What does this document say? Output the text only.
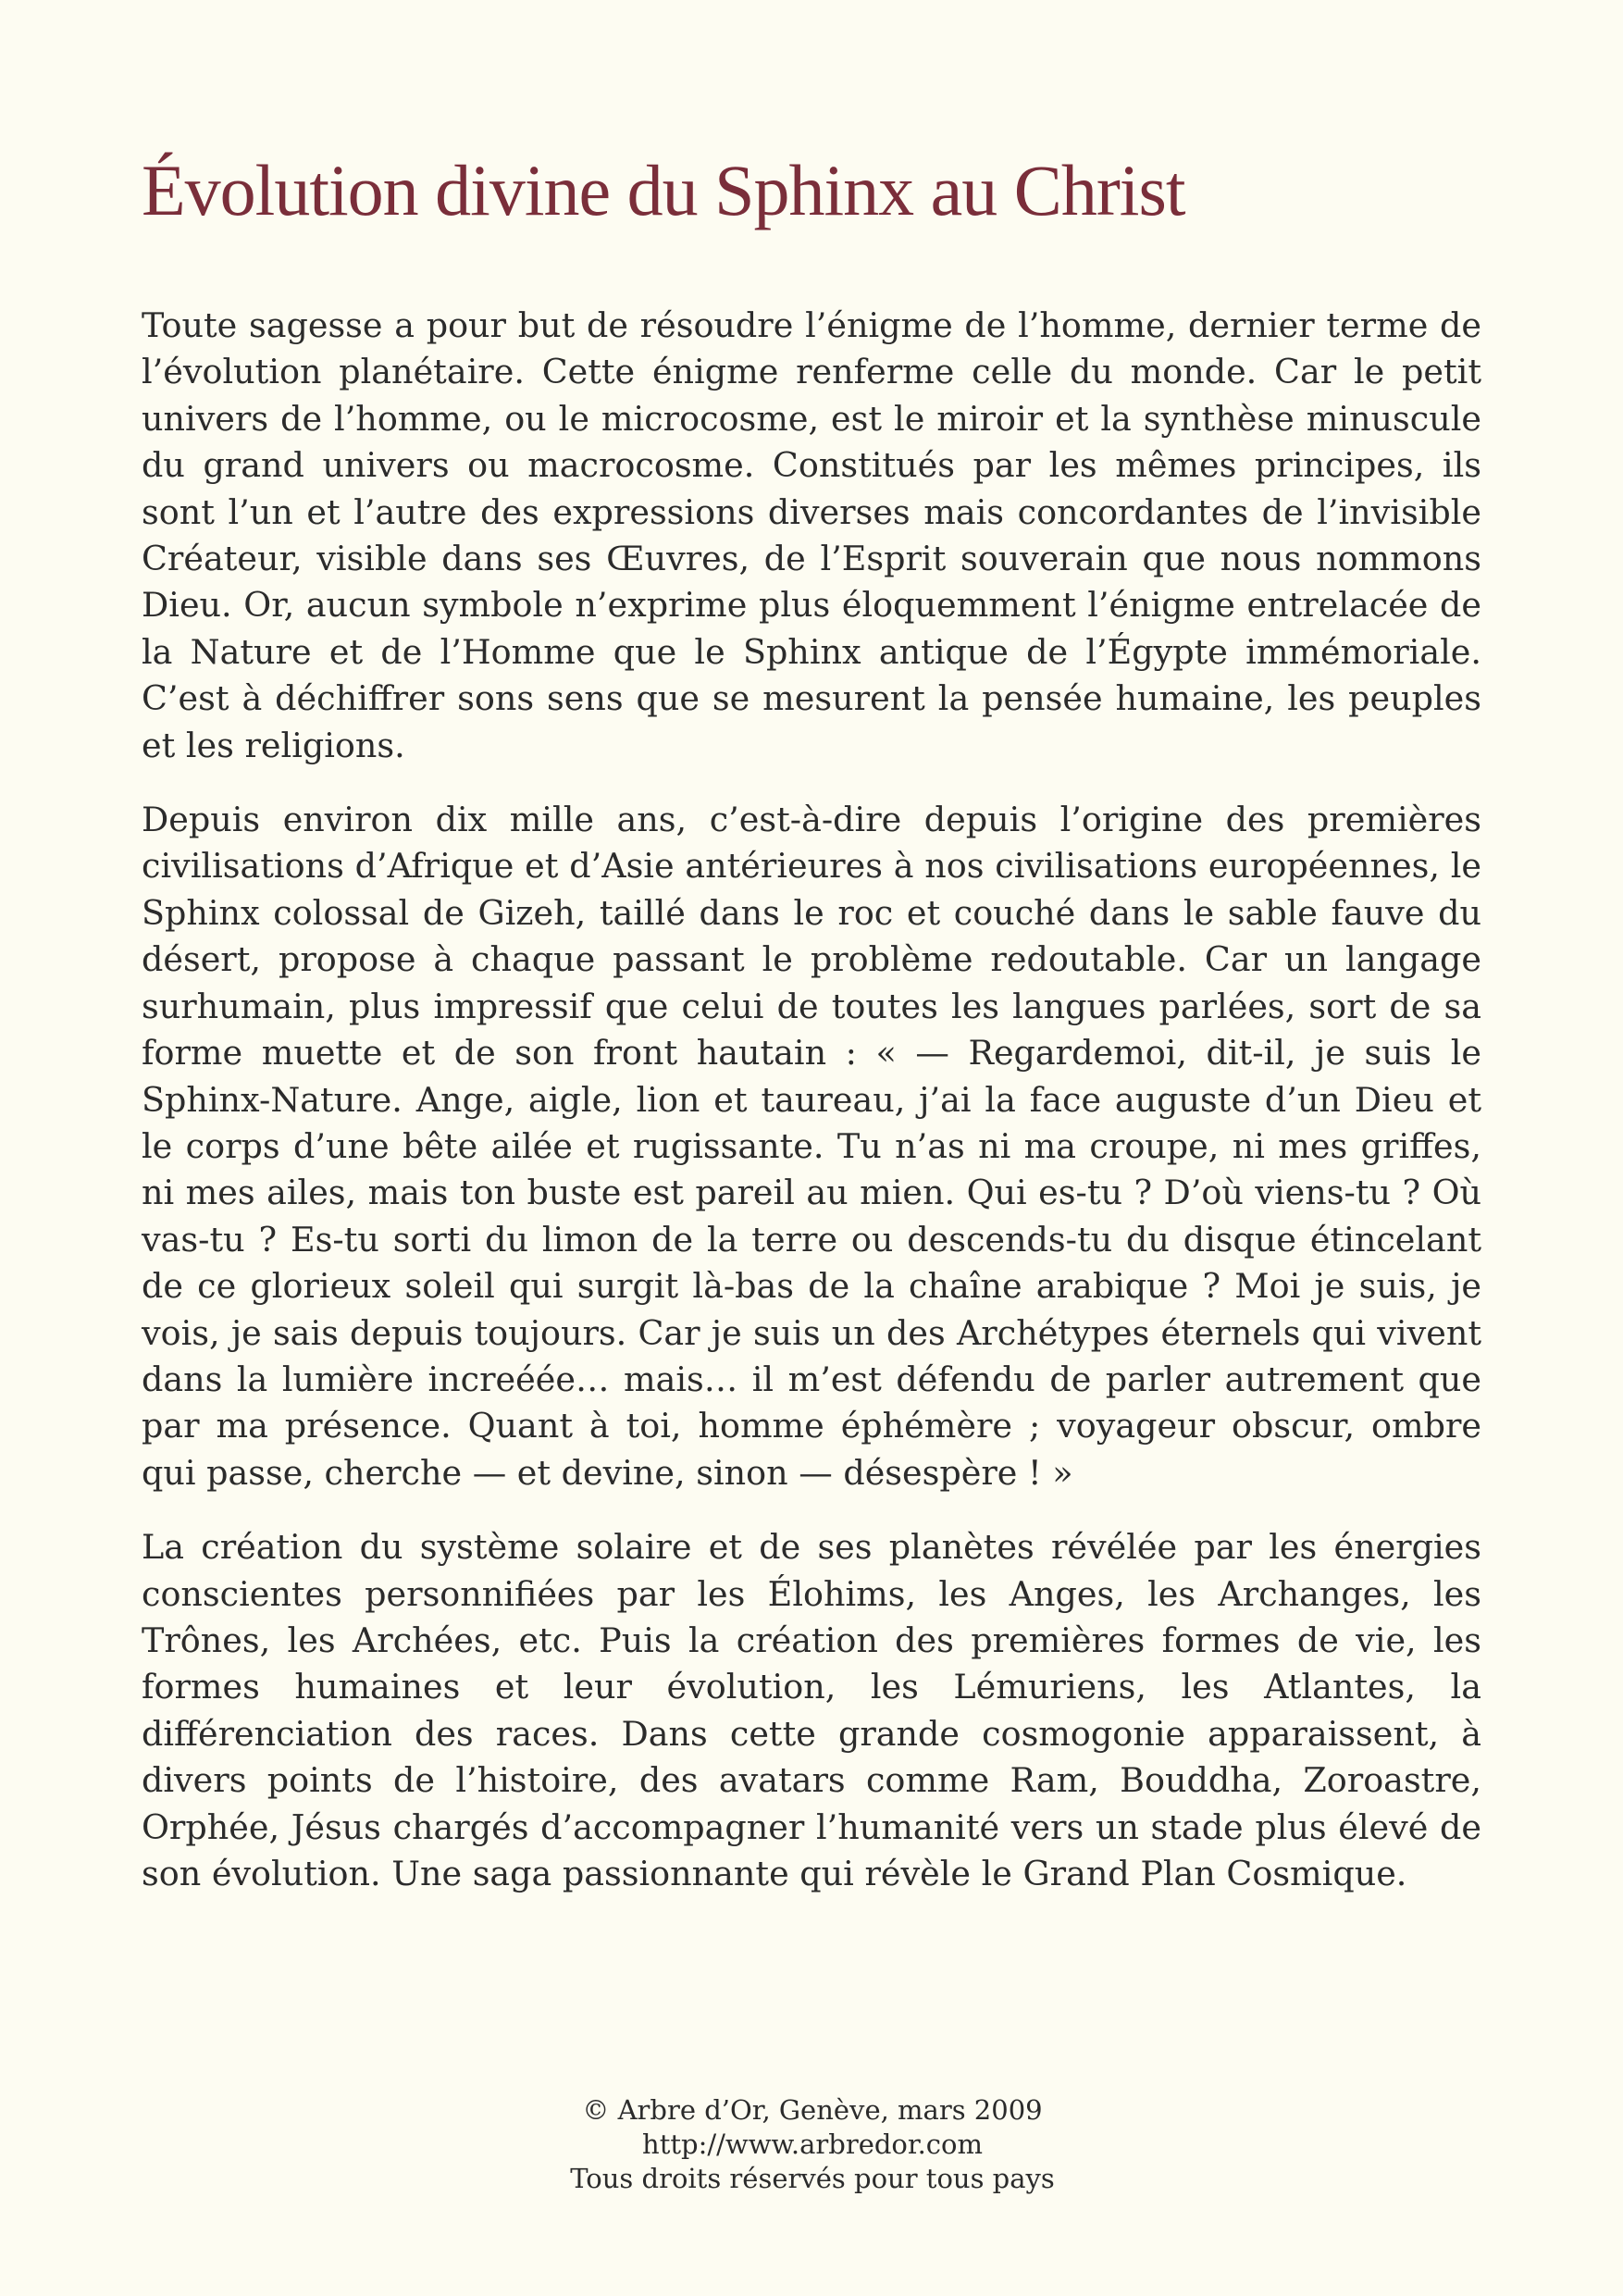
Évolution divine du Sphinx au Christ

Toute sagesse a pour but de résoudre l’énigme de l’homme, dernier terme de l’évolution planétaire. Cette énigme renferme celle du monde. Car le petit univers de l’homme, ou le microcosme, est le miroir et la synthèse minuscule du grand univers ou macrocosme. Constitués par les mêmes principes, ils sont l’un et l’autre des expressions diverses mais concordantes de l’invisible Créateur, visible dans ses Œuvres, de l’Esprit souverain que nous nommons Dieu. Or, aucun symbole n’exprime plus éloquemment l’énigme entrelacée de la Nature et de l’Homme que le Sphinx antique de l’Égypte immémoriale. C’est à déchiffrer sons sens que se mesurent la pensée humaine, les peuples et les religions.

Depuis environ dix mille ans, c’est-à-dire depuis l’origine des premières civilisations d’Afrique et d’Asie antérieures à nos civilisations européennes, le Sphinx colossal de Gizeh, taillé dans le roc et couché dans le sable fauve du désert, propose à chaque passant le problème redoutable. Car un langage surhumain, plus impressif que celui de toutes les langues parlées, sort de sa forme muette et de son front hautain : « — Regardemoi, dit-il, je suis le Sphinx-Nature. Ange, aigle, lion et taureau, j’ai la face auguste d’un Dieu et le corps d’une bête ailée et rugissante. Tu n’as ni ma croupe, ni mes griffes, ni mes ailes, mais ton buste est pareil au mien. Qui es-tu ? D’où viens-tu ? Où vas-tu ? Es-tu sorti du limon de la terre ou descends-tu du disque étincelant de ce glorieux soleil qui surgit là-bas de la chaîne arabique ? Moi je suis, je vois, je sais depuis toujours. Car je suis un des Archétypes éternels qui vivent dans la lumière increéée… mais… il m’est défendu de parler autrement que par ma présence. Quant à toi, homme éphémère ; voyageur obscur, ombre qui passe, cherche — et devine, sinon — désespère ! »

La création du système solaire et de ses planètes révélée par les énergies conscientes personnifiées par les Élohims, les Anges, les Archanges, les Trônes, les Archées, etc. Puis la création des premières formes de vie, les formes humaines et leur évolution, les Lémuriens, les Atlantes, la différenciation des races. Dans cette grande cosmogonie apparaissent, à divers points de l’histoire, des avatars comme Ram, Bouddha, Zoroastre, Orphée, Jésus chargés d’accompagner l’humanité vers un stade plus élevé de son évolution. Une saga passionnante qui révèle le Grand Plan Cosmique.

© Arbre d’Or, Genève, mars 2009
http://www.arbredor.com
Tous droits réservés pour tous pays
